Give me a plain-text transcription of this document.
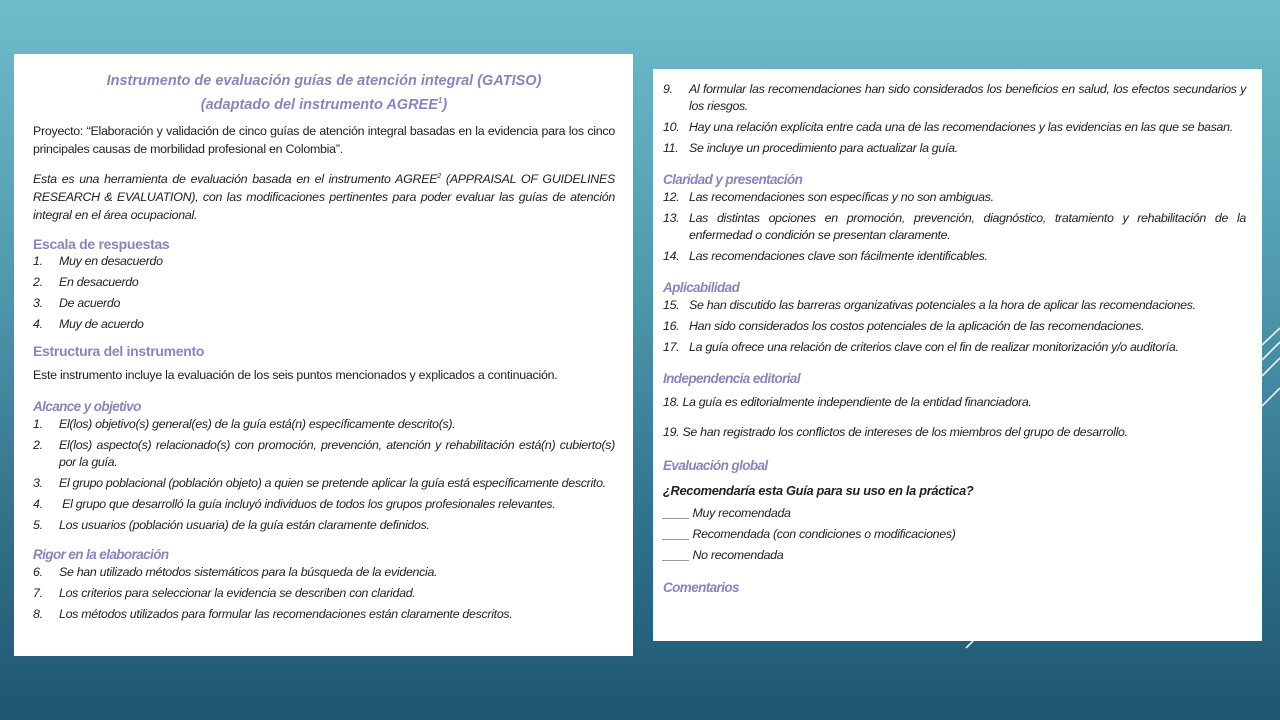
Instrumento de evaluación guías de atención integral (GATISO)
(adaptado del instrumento AGREE$^1$)

Proyecto: “Elaboración y validación de cinco guías de atención integral basadas en la evidencia para los cinco principales causas de morbilidad profesional en Colombia”.

Esta es una herramienta de evaluación basada en el instrumento AGREE$^2$ (APPRAISAL OF GUIDELINES RESEARCH & EVALUATION), con las modificaciones pertinentes para poder evaluar las guías de atención integral en el área ocupacional.

Escala de respuestas
1.	Muy en desacuerdo
2.	En desacuerdo
3.	De acuerdo
4.	Muy de acuerdo
Estructura del instrumento

Este instrumento incluye la evaluación de los seis puntos mencionados y explicados a continuación.

Alcance y objetivo
1.	El(los) objetivo(s) general(es) de la guía está(n) específicamente descrito(s).
2.	El(los) aspecto(s) relacionado(s) con promoción, prevención, atención y rehabilitación está(n) cubierto(s) por la guía.
3.	El grupo poblacional (población objeto) a quien se pretende aplicar la guía está específicamente descrito.
4.	El grupo que desarrolló la guía incluyó individuos de todos los grupos profesionales relevantes.
5.	Los usuarios (población usuaria) de la guía están claramente definidos.
Rigor en la elaboración
6.	Se han utilizado métodos sistemáticos para la búsqueda de la evidencia.
7.	Los criterios para seleccionar la evidencia se describen con claridad.
8.	Los métodos utilizados para formular las recomendaciones están claramente descritos.
9.	Al formular las recomendaciones han sido considerados los beneficios en salud, los efectos secundarios y los riesgos.
10. Hay una relación explícita entre cada una de las recomendaciones y las evidencias en las que se basan.
11. Se incluye un procedimiento para actualizar la guía.
Claridad y presentación
12. Las recomendaciones son específicas y no son ambiguas.
13. Las distintas opciones en promoción, prevención, diagnóstico, tratamiento y rehabilitación de la enfermedad o condición se presentan claramente.
14. Las recomendaciones clave son fácilmente identificables.
Aplicabilidad
15. Se han discutido las barreras organizativas potenciales a la hora de aplicar las recomendaciones.
16. Han sido considerados los costos potenciales de la aplicación de las recomendaciones.
17. La guía ofrece una relación de criterios clave con el fin de realizar monitorización y/o auditoría.
Independencia editorial

18. La guía es editorialmente independiente de la entidad financiadora.

19. Se han registrado los conflictos de intereses de los miembros del grupo de desarrollo.

Evaluación global

¿Recomendaría esta Guía para su uso en la práctica?

____ Muy recomendada

____ Recomendada (con condiciones o modificaciones)

____ No recomendada

Comentarios
